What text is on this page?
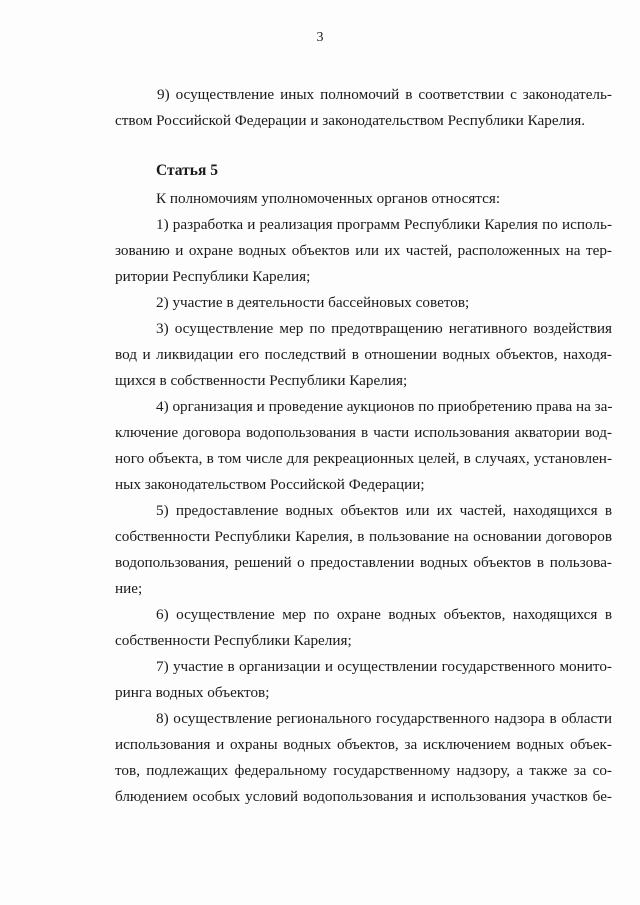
3
9) осуществление иных полномочий в соответствии с законодатель-
ством Российской Федерации и законодательством Республики Карелия.
Статья 5
К полномочиям уполномоченных органов относятся:
1) разработка и реализация программ Республики Карелия по исполь-
зованию и охране водных объектов или их частей, расположенных на тер-
ритории Республики Карелия;
2) участие в деятельности бассейновых советов;
3) осуществление мер по предотвращению негативного воздействия
вод и ликвидации его последствий в отношении водных объектов, находя-
щихся в собственности Республики Карелия;
4) организация и проведение аукционов по приобретению права на за-
ключение договора водопользования в части использования акватории вод-
ного объекта, в том числе для рекреационных целей, в случаях, установлен-
ных законодательством Российской Федерации;
5) предоставление водных объектов или их частей, находящихся в
собственности Республики Карелия, в пользование на основании договоров
водопользования, решений о предоставлении водных объектов в пользова-
ние;
6) осуществление мер по охране водных объектов, находящихся в
собственности Республики Карелия;
7) участие в организации и осуществлении государственного монито-
ринга водных объектов;
8) осуществление регионального государственного надзора в области
использования и охраны водных объектов, за исключением водных объек-
тов, подлежащих федеральному государственному надзору, а также за со-
блюдением особых условий водопользования и использования участков бе-
